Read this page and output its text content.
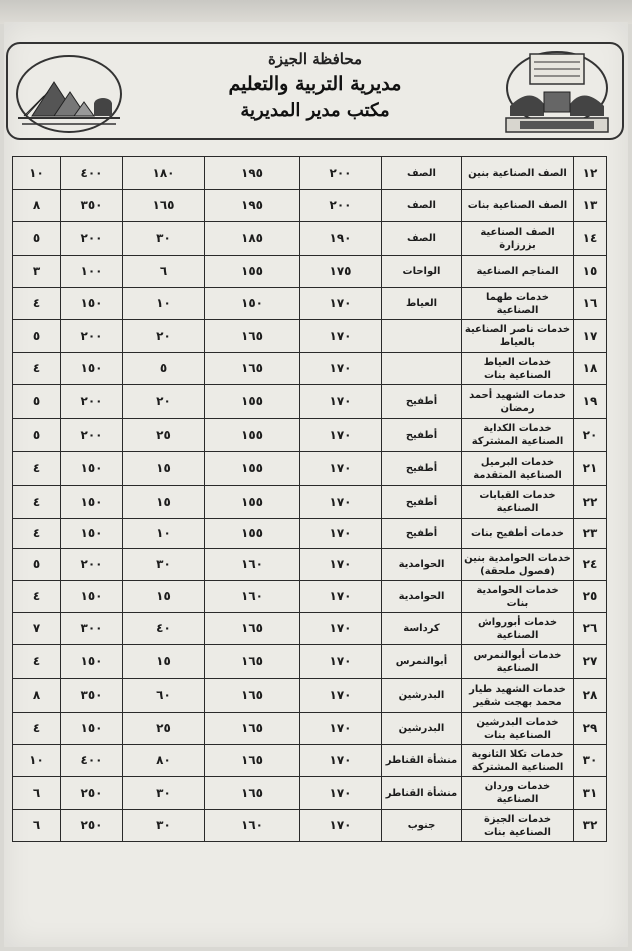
محافظة الجيزة
مديرية التربية والتعليم
مكتب مدير المديرية
١٢	الصف الصناعية بنين	الصف	٢٠٠	١٩٥	١٨٠	٤٠٠	١٠
١٣	الصف الصناعية بنات	الصف	٢٠٠	١٩٥	١٦٥	٣٥٠	٨
١٤	الصف الصناعية بزرزارة	الصف	١٩٠	١٨٥	٣٠	٢٠٠	٥
١٥	المناجم الصناعية	الواحات	١٧٥	١٥٥	٦	١٠٠	٣
١٦	خدمات طهما الصناعية	العياط	١٧٠	١٥٠	١٠	١٥٠	٤
١٧	خدمات ناصر الصناعية بالعياط		١٧٠	١٦٥	٢٠	٢٠٠	٥
١٨	خدمات العياط الصناعية بنات		١٧٠	١٦٥	٥	١٥٠	٤
١٩	خدمات الشهيد أحمد رمضان	أطفيح	١٧٠	١٥٥	٢٠	٢٠٠	٥
٢٠	خدمات الكداية الصناعية المشتركة	أطفيح	١٧٠	١٥٥	٢٥	٢٠٠	٥
٢١	خدمات البرميل الصناعية المتقدمة	أطفيح	١٧٠	١٥٥	١٥	١٥٠	٤
٢٢	خدمات القبابات الصناعية	أطفيح	١٧٠	١٥٥	١٥	١٥٠	٤
٢٣	خدمات أطفيح بنات	أطفيح	١٧٠	١٥٥	١٠	١٥٠	٤
٢٤	خدمات الحوامدية بنين (فصول ملحقة)	الحوامدية	١٧٠	١٦٠	٣٠	٢٠٠	٥
٢٥	خدمات الحوامدية بنات	الحوامدية	١٧٠	١٦٠	١٥	١٥٠	٤
٢٦	خدمات أبورواش الصناعية	كرداسة	١٧٠	١٦٥	٤٠	٣٠٠	٧
٢٧	خدمات أبوالنمرس الصناعية	أبوالنمرس	١٧٠	١٦٥	١٥	١٥٠	٤
٢٨	خدمات الشهيد طيار محمد بهجت شقير	البدرشين	١٧٠	١٦٥	٦٠	٣٥٠	٨
٢٩	خدمات البدرشين الصناعية بنات	البدرشين	١٧٠	١٦٥	٢٥	١٥٠	٤
٣٠	خدمات تكلا الثانوية الصناعية المشتركة	منشأة القناطر	١٧٠	١٦٥	٨٠	٤٠٠	١٠
٣١	خدمات وردان الصناعية	منشأة القناطر	١٧٠	١٦٥	٣٠	٢٥٠	٦
٣٢	خدمات الجيزة الصناعية بنات	جنوب	١٧٠	١٦٠	٣٠	٢٥٠	٦
